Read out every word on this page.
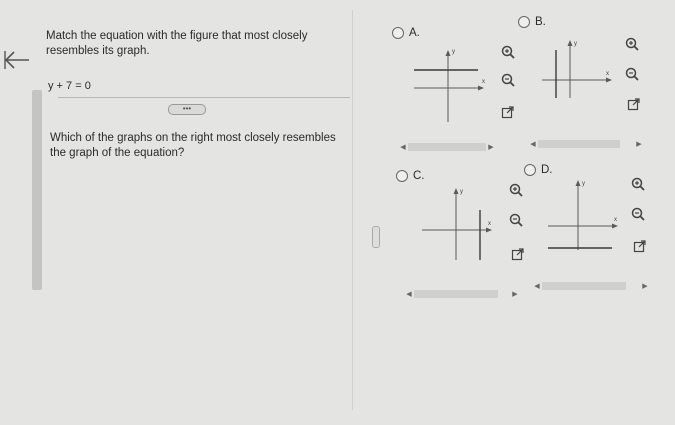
Match the equation with the figure that most closely resembles its graph.
y + 7 = 0
•••
Which of the graphs on the right most closely resembles the graph of the equation?
A.
y
x
◀	▶
B.
y
x
◀	▶
C.
y
x
◀	▶
D.
y
x
◀	▶
